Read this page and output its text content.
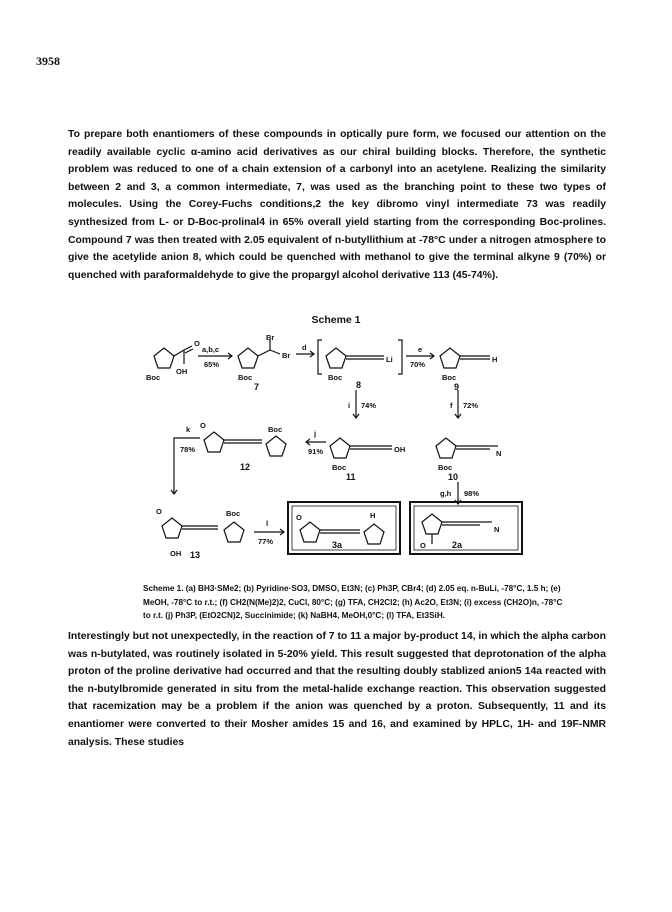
3958
To prepare both enantiomers of these compounds in optically pure form, we focused our attention on the readily available cyclic α-amino acid derivatives as our chiral building blocks. Therefore, the synthetic problem was reduced to one of a chain extension of a carbonyl into an acetylene. Realizing the similarity between 2 and 3, a common intermediate, 7, was used as the branching point to these two types of molecules. Using the Corey-Fuchs conditions,2 the key dibromo vinyl intermediate 73 was readily synthesized from L- or D-Boc-prolinal4 in 65% overall yield starting from the corresponding Boc-prolines. Compound 7 was then treated with 2.05 equivalent of n-butyllithium at -78°C under a nitrogen atmosphere to give the acetylide anion 8, which could be quenched with methanol to give the terminal alkyne 9 (70%) or quenched with paraformaldehyde to give the propargyl alcohol derivative 113 (45-74%).
Scheme 1
Boc
OH
O
a,b,c
65%
Boc
Br
Br
7
d
Boc
Li
8
e
70%
Boc
H
9
i 74%	f 72%
OH
Boc
11
j
91%
O	Boc
12	Boc
N
10
g,h 98%
k
78%
O	Boc
OH 13
l
77%
O	H
3a
N
O	2a
Scheme 1. (a) BH3·SMe2; (b) Pyridine·SO3, DMSO, Et3N; (c) Ph3P, CBr4; (d) 2.05 eq. n-BuLi, -78°C, 1.5 h; (e) MeOH, -78°C to r.t.; (f) CH2(N(Me)2)2, CuCl, 80°C; (g) TFA, CH2Cl2; (h) Ac2O, Et3N; (i) excess (CH2O)n, -78°C to r.t. (j) Ph3P, (EtO2CN)2, Succinimide; (k) NaBH4, MeOH,0°C; (l) TFA, Et3SiH.
Interestingly but not unexpectedly, in the reaction of 7 to 11 a major by-product 14, in which the alpha carbon was n-butylated, was routinely isolated in 5-20% yield. This result suggested that deprotonation of the alpha proton of the proline derivative had occurred and that the resulting doubly stablized anion5 14a reacted with the n-butylbromide generated in situ from the metal-halide exchange reaction. This observation suggested that racemization may be a problem if the anion was quenched by a proton. Subsequently, 11 and its enantiomer were converted to their Mosher amides 15 and 16, and examined by HPLC, 1H- and 19F-NMR analysis. These studies
